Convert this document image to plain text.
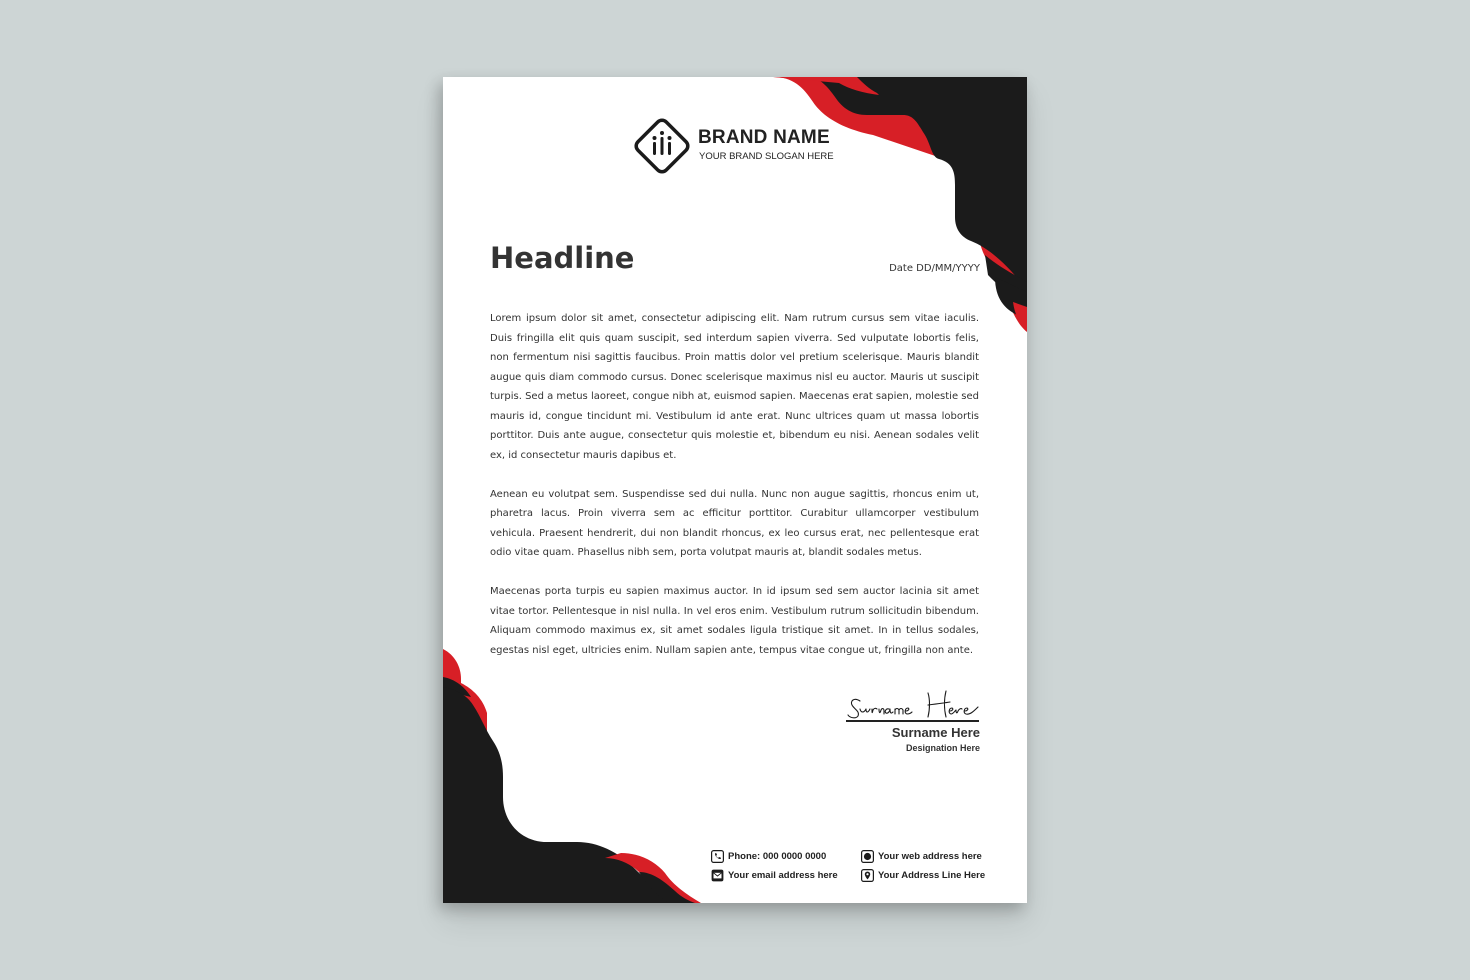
BRAND NAME
YOUR BRAND SLOGAN HERE
Headline	Date DD/MM/YYYY

Lorem ipsum dolor sit amet, consectetur adipiscing elit. Nam rutrum cursus sem vitae iaculis. Duis fringilla elit quis quam suscipit, sed interdum sapien viverra. Sed vulputate lobortis felis, non fermentum nisi sagittis faucibus. Proin mattis dolor vel pretium scelerisque. Mauris blandit augue quis diam commodo cursus. Donec scelerisque maximus nisl eu auctor. Mauris ut suscipit turpis. Sed a metus laoreet, congue nibh at, euismod sapien. Maecenas erat sapien, molestie sed mauris id, congue tincidunt mi. Vestibulum id ante erat. Nunc ultrices quam ut massa lobortis porttitor. Duis ante augue, consectetur quis molestie et, bibendum eu nisi. Aenean sodales velit ex, id consectetur mauris dapibus et.

Aenean eu volutpat sem. Suspendisse sed dui nulla. Nunc non augue sagittis, rhoncus enim ut, pharetra lacus. Proin viverra sem ac efficitur porttitor. Curabitur ullamcorper vestibulum vehicula. Praesent hendrerit, dui non blandit rhoncus, ex leo cursus erat, nec pellentesque erat odio vitae quam. Phasellus nibh sem, porta volutpat mauris at, blandit sodales metus.

Maecenas porta turpis eu sapien maximus auctor. In id ipsum sed sem auctor lacinia sit amet vitae tortor. Pellentesque in nisl nulla. In vel eros enim. Vestibulum rutrum sollicitudin bibendum. Aliquam commodo maximus ex, sit amet sodales ligula tristique sit amet. In in tellus sodales, egestas nisl eget, ultricies enim. Nullam sapien ante, tempus vitae congue ut, fringilla non ante.

Surname Here
Designation Here
Phone: 000 0000 0000
Your email address here
Your web address here
Your Address Line Here
